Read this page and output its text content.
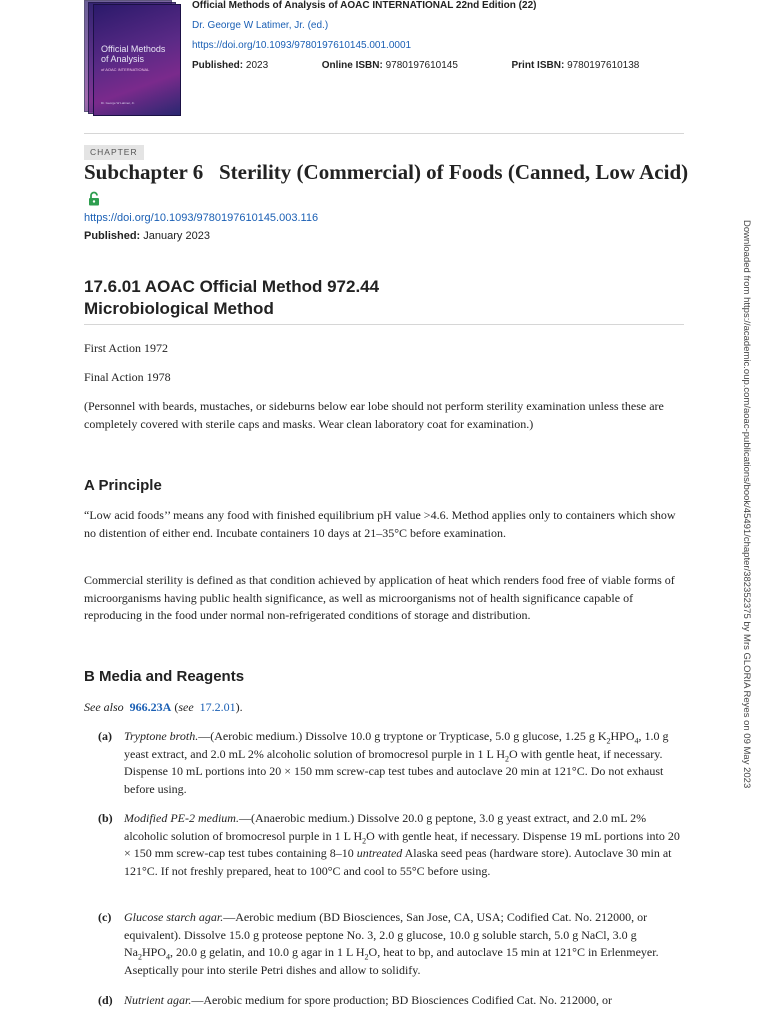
Official Methods of Analysis
of AOAC INTERNATIONAL
Dr. George W Latimer, Jr.
Official Methods of Analysis of AOAC INTERNATIONAL 22nd Edition (22)
Dr. George W Latimer, Jr. (ed.)
https://doi.org/10.1093/9780197610145.001.0001
Published: 2023	Online ISBN: 9780197610145	Print ISBN: 9780197610138
CHAPTER
Subchapter 6 Sterility (Commercial) of Foods (Canned, Low Acid)
https://doi.org/10.1093/9780197610145.003.116
Published: January 2023
17.6.01 AOAC Official Method 972.44
Microbiological Method
First Action 1972
Final Action 1978
(Personnel with beards, mustaches, or sideburns below ear lobe should not perform sterility examination unless these are completely covered with sterile caps and masks. Wear clean laboratory coat for examination.)
A Principle
“Low acid foods’’ means any food with finished equilibrium pH value >4.6. Method applies only to containers which show no distention of either end. Incubate containers 10 days at 21–35°C before examination.
Commercial sterility is defined as that condition achieved by application of heat which renders food free of viable forms of microorganisms having public health significance, as well as microorganisms not of health significance capable of reproducing in the food under normal non-refrigerated conditions of storage and distribution.
B Media and Reagents
See also 966.23A (see 17.2.01).
(a) Tryptone broth.—(Aerobic medium.) Dissolve 10.0 g tryptone or Trypticase, 5.0 g glucose, 1.25 g $K_2HPO_4$, 1.0 g yeast extract, and 2.0 mL 2% alcoholic solution of bromocresol purple in 1 L $H_2O$ with gentle heat, if necessary. Dispense 10 mL portions into 20 × 150 mm screw-cap test tubes and autoclave 20 min at 121°C. Do not exhaust before using.
(b) Modified PE-2 medium.—(Anaerobic medium.) Dissolve 20.0 g peptone, 3.0 g yeast extract, and 2.0 mL 2% alcoholic solution of bromocresol purple in 1 L $H_2O$ with gentle heat, if necessary. Dispense 19 mL portions into 20 × 150 mm screw-cap test tubes containing 8–10 untreated Alaska seed peas (hardware store). Autoclave 30 min at 121°C. If not freshly prepared, heat to 100°C and cool to 55°C before using.
(c) Glucose starch agar.—Aerobic medium (BD Biosciences, San Jose, CA, USA; Codified Cat. No. 212000, or equivalent). Dissolve 15.0 g proteose peptone No. 3, 2.0 g glucose, 10.0 g soluble starch, 5.0 g NaCl, 3.0 g $Na_2HPO_4$, 20.0 g gelatin, and 10.0 g agar in 1 L $H_2O$, heat to bp, and autoclave 15 min at 121°C in Erlenmeyer. Aseptically pour into sterile Petri dishes and allow to solidify.
(d) Nutrient agar.—Aerobic medium for spore production; BD Biosciences Codified Cat. No. 212000, or
Downloaded from https://academic.oup.com/aoac-publications/book/45491/chapter/382352375 by Mrs GLORIA Reyes on 09 May 2023
